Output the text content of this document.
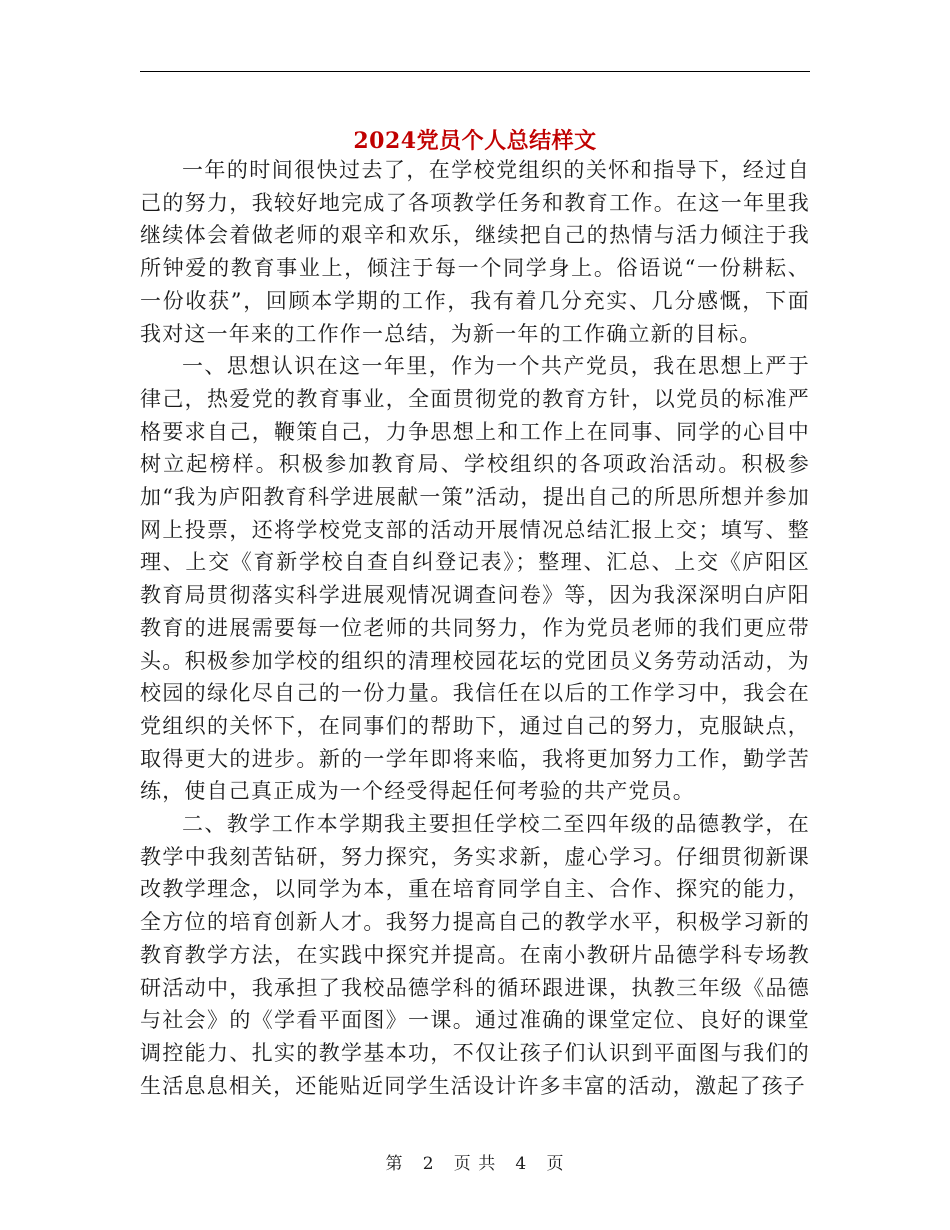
2024党员个人总结样文

一年的时间很快过去了，在学校党组织的关怀和指导下，经过自己的努力，我较好地完成了各项教学任务和教育工作。在这一年里我继续体会着做老师的艰辛和欢乐，继续把自己的热情与活力倾注于我所钟爱的教育事业上，倾注于每一个同学身上。俗语说“一份耕耘、一份收获”，回顾本学期的工作，我有着几分充实、几分感慨，下面我对这一年来的工作作一总结，为新一年的工作确立新的目标。

一、思想认识在这一年里，作为一个共产党员，我在思想上严于律己，热爱党的教育事业，全面贯彻党的教育方针，以党员的标准严格要求自己，鞭策自己，力争思想上和工作上在同事、同学的心目中树立起榜样。积极参加教育局、学校组织的各项政治活动。积极参加“我为庐阳教育科学进展献一策”活动，提出自己的所思所想并参加网上投票，还将学校党支部的活动开展情况总结汇报上交；填写、整理、上交《育新学校自查自纠登记表》；整理、汇总、上交《庐阳区教育局贯彻落实科学进展观情况调查问卷》等，因为我深深明白庐阳教育的进展需要每一位老师的共同努力，作为党员老师的我们更应带头。积极参加学校的组织的清理校园花坛的党团员义务劳动活动，为校园的绿化尽自己的一份力量。我信任在以后的工作学习中，我会在党组织的关怀下，在同事们的帮助下，通过自己的努力，克服缺点，取得更大的进步。新的一学年即将来临，我将更加努力工作，勤学苦练，使自己真正成为一个经受得起任何考验的共产党员。

二、教学工作本学期我主要担任学校二至四年级的品德教学，在教学中我刻苦钻研，努力探究，务实求新，虚心学习。仔细贯彻新课改教学理念，以同学为本，重在培育同学自主、合作、探究的能力，全方位的培育创新人才。我努力提高自己的教学水平，积极学习新的教育教学方法，在实践中探究并提高。在南小教研片品德学科专场教研活动中，我承担了我校品德学科的循环跟进课，执教三年级《品德与社会》的《学看平面图》一课。通过准确的课堂定位、良好的课堂调控能力、扎实的教学基本功，不仅让孩子们认识到平面图与我们的生活息息相关，还能贴近同学生活设计许多丰富的活动，激起了孩子

第 2 页 共 4 页
